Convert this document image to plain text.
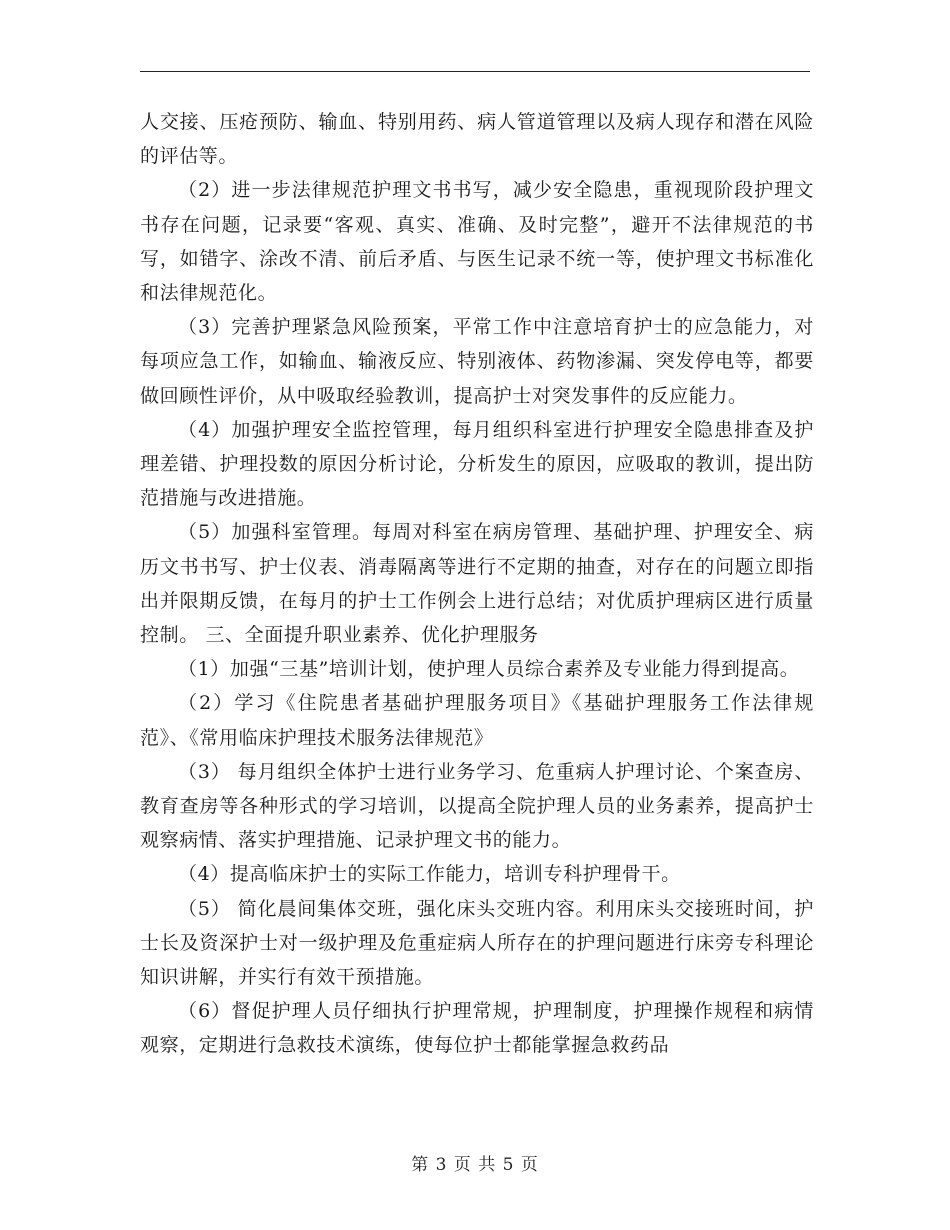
人交接、压疮预防、输血、特别用药、病人管道管理以及病人现存和潜在风险的评估等。

（2）进一步法律规范护理文书书写，减少安全隐患，重视现阶段护理文书存在问题，记录要“客观、真实、准确、及时完整”，避开不法律规范的书写，如错字、涂改不清、前后矛盾、与医生记录不统一等，使护理文书标准化和法律规范化。

（3）完善护理紧急风险预案，平常工作中注意培育护士的应急能力，对每项应急工作，如输血、输液反应、特别液体、药物渗漏、突发停电等，都要做回顾性评价，从中吸取经验教训，提高护士对突发事件的反应能力。

（4）加强护理安全监控管理，每月组织科室进行护理安全隐患排查及护理差错、护理投数的原因分析讨论，分析发生的原因，应吸取的教训，提出防范措施与改进措施。

（5）加强科室管理。每周对科室在病房管理、基础护理、护理安全、病历文书书写、护士仪表、消毒隔离等进行不定期的抽查，对存在的问题立即指出并限期反馈，在每月的护士工作例会上进行总结；对优质护理病区进行质量控制。 三、全面提升职业素养、优化护理服务

（1）加强“三基”培训计划，使护理人员综合素养及专业能力得到提高。

（2）学习《住院患者基础护理服务项目》《基础护理服务工作法律规范》、《常用临床护理技术服务法律规范》

（3） 每月组织全体护士进行业务学习、危重病人护理讨论、个案查房、教育查房等各种形式的学习培训，以提高全院护理人员的业务素养，提高护士观察病情、落实护理措施、记录护理文书的能力。

（4）提高临床护士的实际工作能力，培训专科护理骨干。

（5） 简化晨间集体交班，强化床头交班内容。利用床头交接班时间，护士长及资深护士对一级护理及危重症病人所存在的护理问题进行床旁专科理论知识讲解，并实行有效干预措施。

（6）督促护理人员仔细执行护理常规，护理制度，护理操作规程和病情观察，定期进行急救技术演练，使每位护士都能掌握急救药品

第 3 页 共 5 页
